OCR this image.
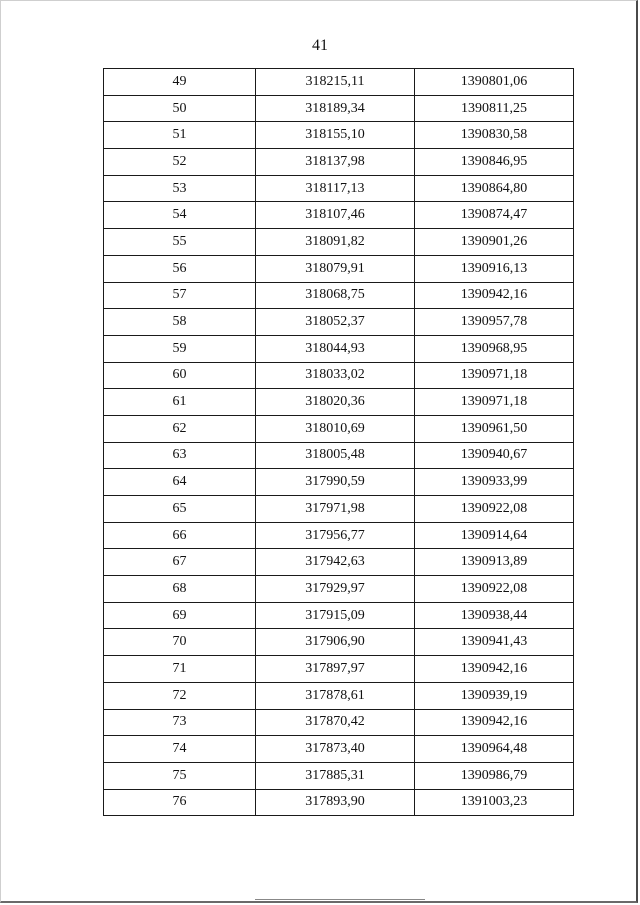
41
49	318215,11	1390801,06
50	318189,34	1390811,25
51	318155,10	1390830,58
52	318137,98	1390846,95
53	318117,13	1390864,80
54	318107,46	1390874,47
55	318091,82	1390901,26
56	318079,91	1390916,13
57	318068,75	1390942,16
58	318052,37	1390957,78
59	318044,93	1390968,95
60	318033,02	1390971,18
61	318020,36	1390971,18
62	318010,69	1390961,50
63	318005,48	1390940,67
64	317990,59	1390933,99
65	317971,98	1390922,08
66	317956,77	1390914,64
67	317942,63	1390913,89
68	317929,97	1390922,08
69	317915,09	1390938,44
70	317906,90	1390941,43
71	317897,97	1390942,16
72	317878,61	1390939,19
73	317870,42	1390942,16
74	317873,40	1390964,48
75	317885,31	1390986,79
76	317893,90	1391003,23
